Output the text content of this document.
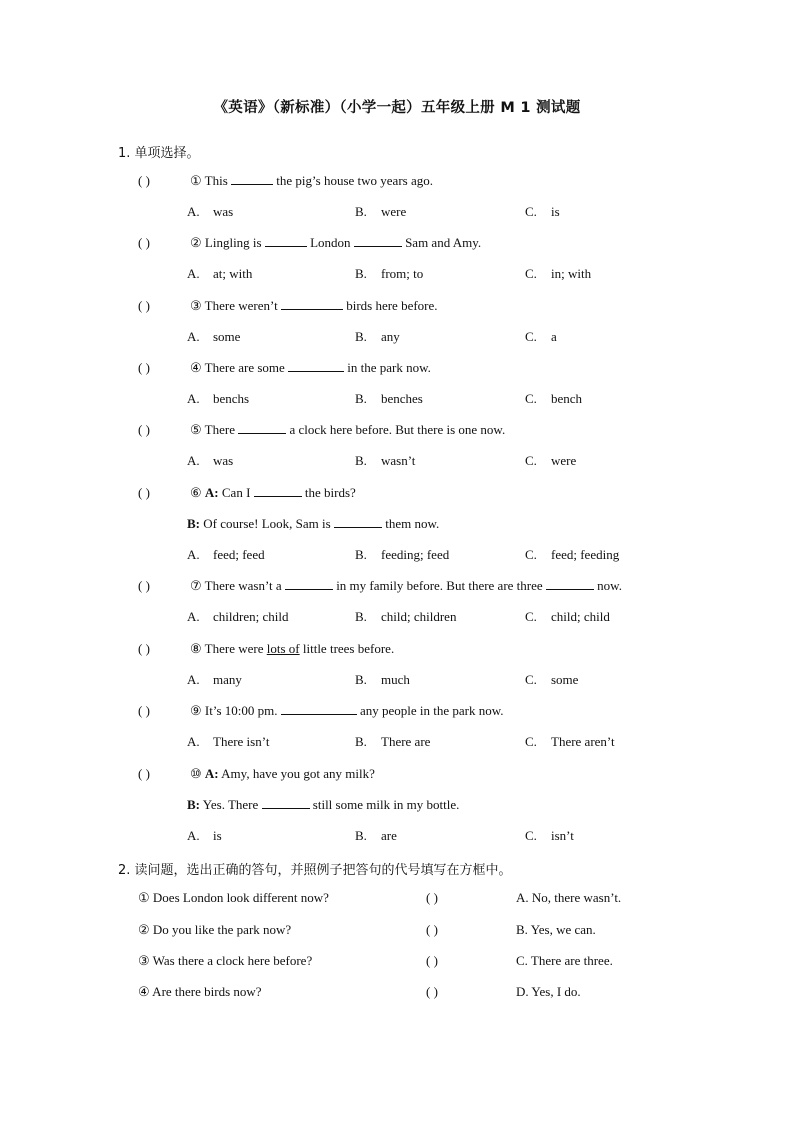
《英语》（新标准）（小学一起）五年级上册 M 1 测试题
1. 单项选择。
( )	① This	the pig’s house two years ago.
A. was	B. were	C. is
( )	② Lingling is	London	Sam and Amy.
A. at; with	B. from; to	C. in; with
( )	③ There weren’t	birds here before.
A. some	B. any	C. a
( )	④ There are some	in the park now.
A. benchs	B. benches	C. bench
( )	⑤ There	a clock here before. But there is one now.
A. was	B. wasn’t	C. were
( )	⑥ A: Can I	the birds?
B: Of course! Look, Sam is	them now.
A. feed; feed	B. feeding; feed	C. feed; feeding
( )	⑦ There wasn’t a	in my family before. But there are three	now.
A. children; child	B. child; children	C. child; child
( )	⑧ There were lots of little trees before.
A. many	B. much	C. some
( )	⑨ It’s 10:00 pm.	any people in the park now.
A. There isn’t	B. There are	C. There aren’t
( )	⑩ A: Amy, have you got any milk?
B: Yes. There	still some milk in my bottle.
A. is	B. are	C. isn’t
2. 读问题，选出正确的答句，并照例子把答句的代号填写在方框中。
① Does London look different now?	( )	A. No, there wasn’t.
② Do you like the park now?	( )	B. Yes, we can.
③ Was there a clock here before?	( )	C. There are three.
④ Are there birds now?	( )	D. Yes, I do.
